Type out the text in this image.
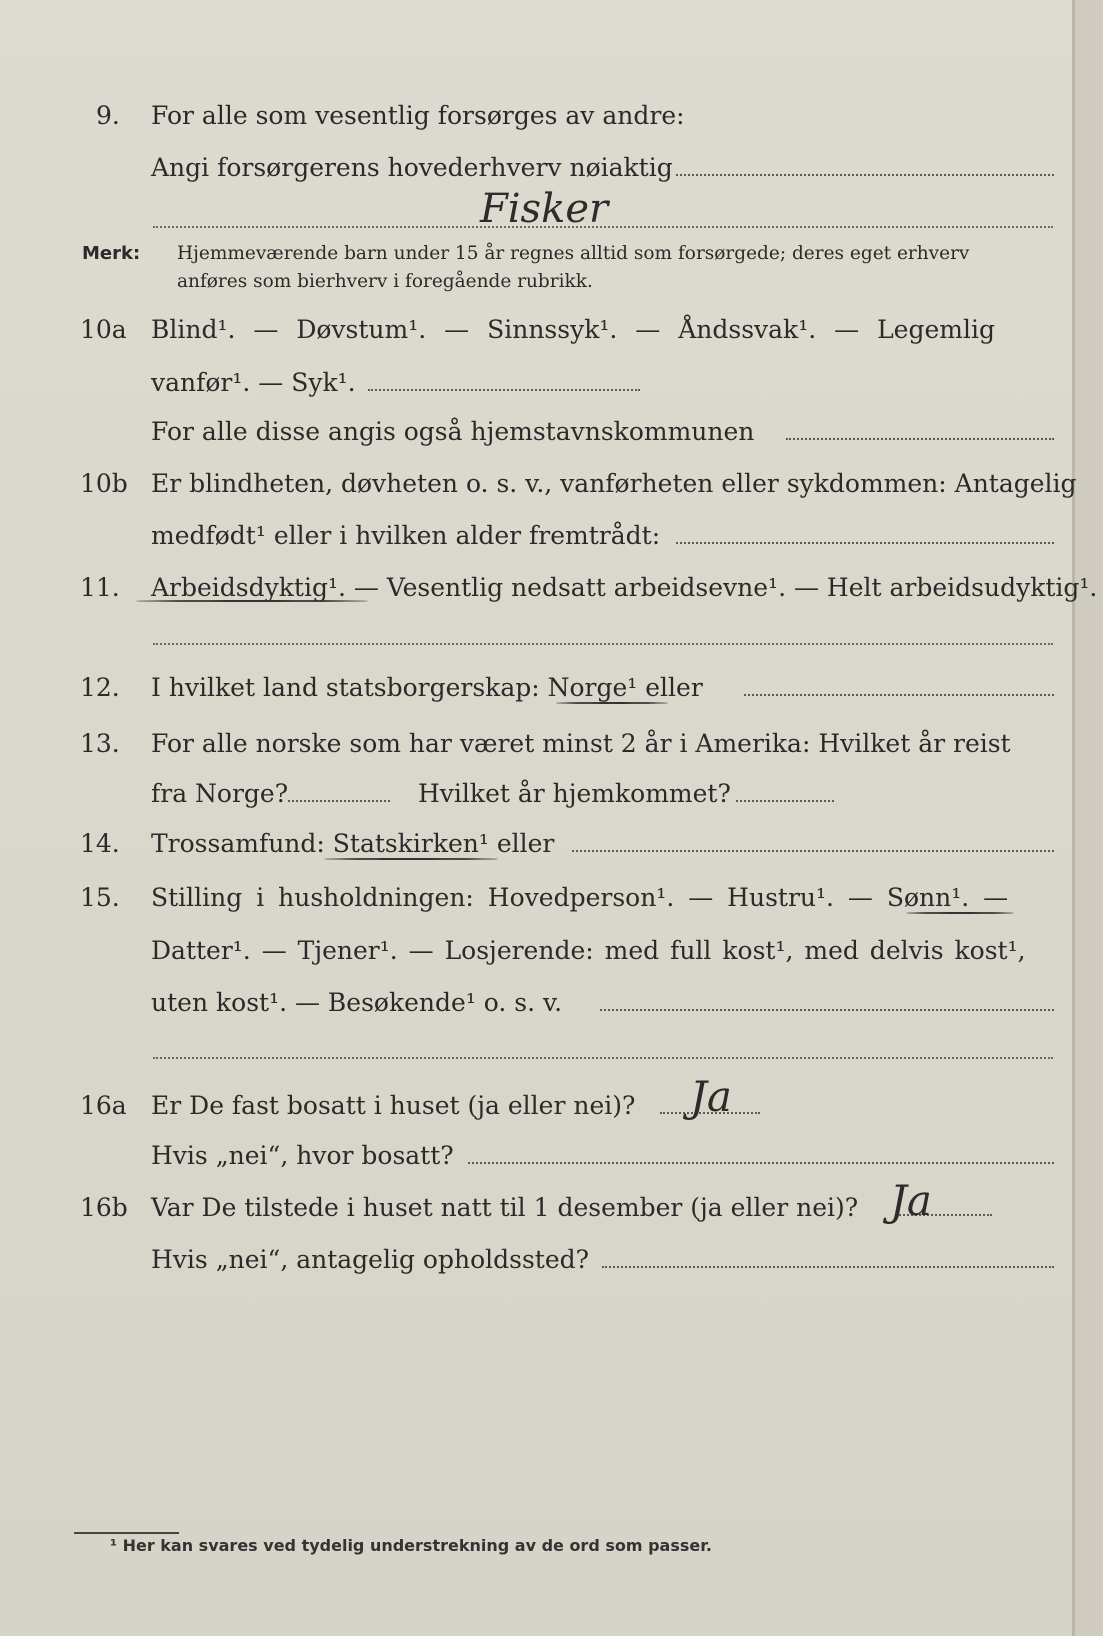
9. For alle som vesentlig forsørges av andre:
Angi forsørgerens hovederhverv nøiaktig
Fisker
Merk: Hjemmeværende barn under 15 år regnes alltid som forsørgede; deres eget erhverv
anføres som bierhverv i foregående rubrikk.
10a Blind¹. — Døvstum¹. — Sinnssyk¹. — Åndssvak¹. — Legemlig
vanfør¹. — Syk¹.
For alle disse angis også hjemstavnskommunen
10b Er blindheten, døvheten o. s. v., vanførheten eller sykdommen: Antagelig
medfødt¹ eller i hvilken alder fremtrådt:
11. Arbeidsdyktig¹. — Vesentlig nedsatt arbeidsevne¹. — Helt arbeidsudyktig¹.
12. I hvilket land statsborgerskap: Norge¹ eller
13. For alle norske som har været minst 2 år i Amerika: Hvilket år reist
fra Norge?	Hvilket år hjemkommet?
14. Trossamfund: Statskirken¹ eller
15. Stilling i husholdningen: Hovedperson¹. — Hustru¹. — Sønn¹. —
Datter¹. — Tjener¹. — Losjerende: med full kost¹, med delvis kost¹,
uten kost¹. — Besøkende¹ o. s. v.
16a Er De fast bosatt i huset (ja eller nei)? Ja
Hvis „nei“, hvor bosatt?
16b Var De tilstede i huset natt til 1 desember (ja eller nei)? Ja
Hvis „nei“, antagelig opholdssted?
¹ Her kan svares ved tydelig understrekning av de ord som passer.
